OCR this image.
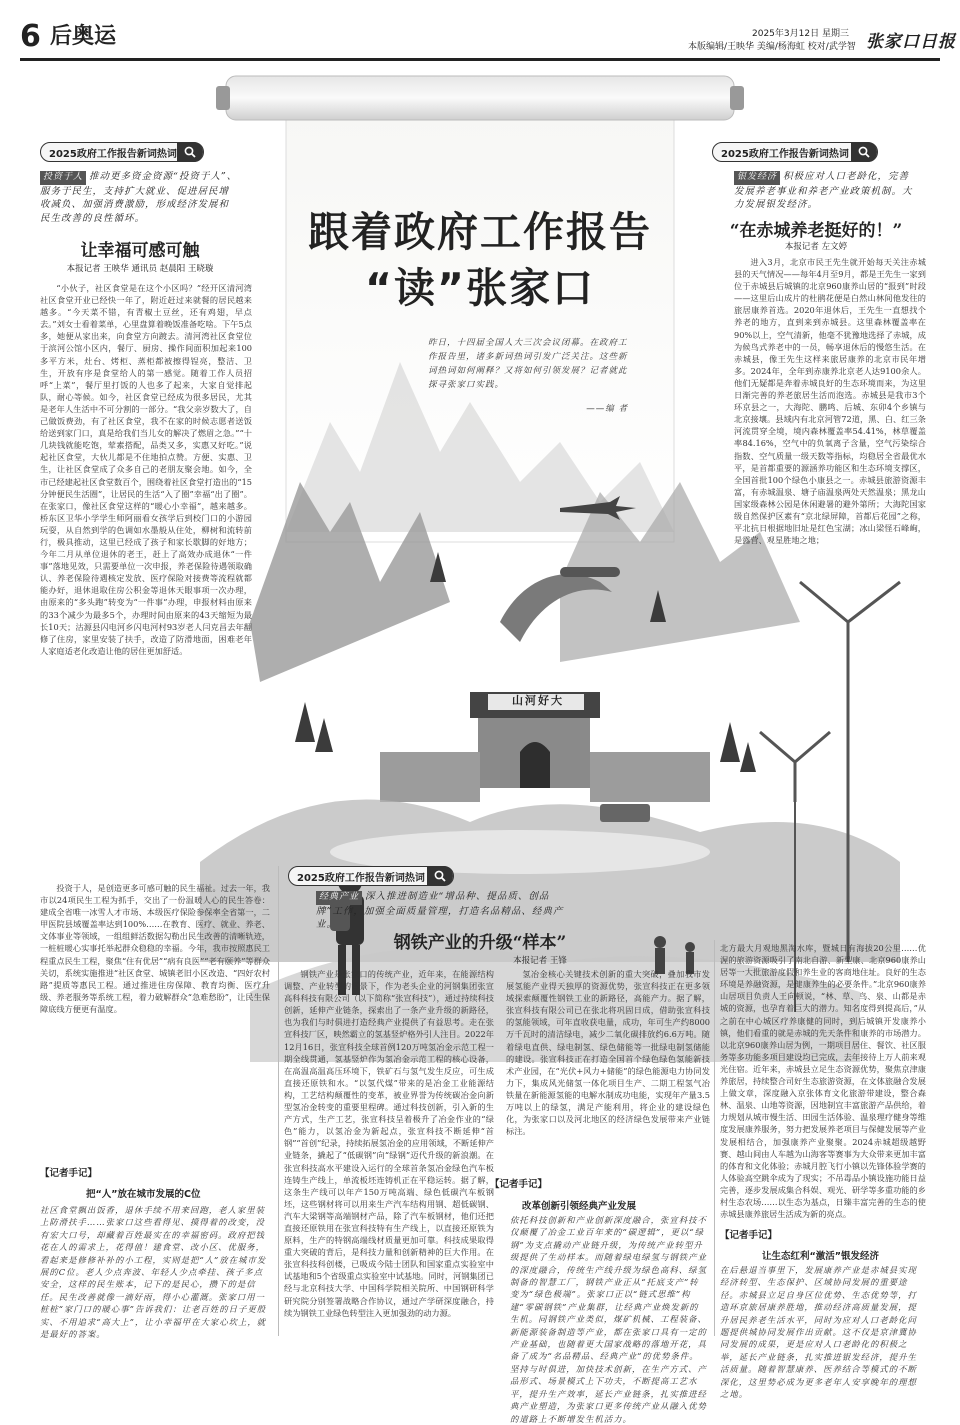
6 后奥运	2025年3月12日 星期三
本版编辑/王映华 美编/杨海虹 校对/武学智 张家口日报
山河好大
跟着政府工作报告
“读”张家口
昨日，十四届全国人大三次会议闭幕。在政府工作报告里，诸多新词热词引发广泛关注。这些新词热词如何阐释？又将如何引领发展？记者就此探寻张家口实践。
——编 者
2025政府工作报告新词热词
投资于人 推动更多资金资源“投资于人”、服务于民生，支持扩大就业、促进居民增收减负、加强消费激励，形成经济发展和民生改善的良性循环。
让幸福可感可触
本报记者 王映华 通讯员 赵晨阳 王晓璇
“小伙子，社区食堂是在这个小区吗？”经开区清河湾社区食堂开业已经快一年了，附近赶过来就餐的居民越来越多。“今天菜不错，有青椒土豆丝，还有鸡翅，早点去。”刘女士看着菜单，心里盘算着晚饭准备吃啥。下午5点多，她便从家出来，向食堂方向踱去。清河湾社区食堂位于滨河公馆小区内，餐厅、厨房、操作间面积加起来100多平方米，灶台、烤柜、蒸柜都被擦得锃亮，整洁、卫生，开放有序是食堂给人的第一感觉。随着工作人员招呼“上菜”，餐厅里打饭的人也多了起来，大家自觉排起队，耐心等候。如今，社区食堂已经成为很多居民，尤其是老年人生活中不可分割的一部分。“我父亲岁数大了，自己做饭费劲，有了社区食堂，我不在家的时候志愿者送饭给送到家门口，真是给我们当儿女的解决了燃眉之急。”“十几块钱就能吃饱，荤素搭配，品类又多，实惠又好吃。”说起社区食堂，大伙儿都是不住地拍点赞。方便、实惠、卫生，让社区食堂成了众多自己的老朋友聚会地。如今，全市已经建起社区食堂数百个，围绕着社区食堂打造出的“15分钟便民生活圈”，让居民的生活“入了圈”幸福“出了圈”。在张家口，像社区食堂这样的“暖心小幸福”，越来越多。桥东区卫华小学学生师阿丽看女孩学后到校门口的小游园玩耍，从自然到学的色调如水墨般从住处，柳树和流转前行，极具推动，这里已经成了孩子和家长歇脚的好地方；今年二月从单位退休的老王，赶上了高效办成退休“一件事”落地见效，只需要单位一次申报，养老保险待遇领取确认、养老保险待遇核定发放、医疗保险对接费等流程就都能办好，退休退取住房公积金等退休天眼事项一次办理，由原来的“多头跑”转变为“一件事”办理，申报材料由原来的33个减少为最多5个，办理时间由原来的43天缩短为最长10天；沽源县闪电河乡闪电河村93岁老人闫克昌去年翻修了住房，家里安装了扶手，改造了防滑地面，困难老年人家庭适老化改造让他的居住更加舒适。
投资于人，是创造更多可感可触的民生福祉。过去一年，我市以24项民生工程为抓手，交出了一份温暖人心的民生答卷：建成全省唯一冰雪人才市场、本级医疗保险参保率全省第一，二甲医院县域覆盖率达到100%……在教育、医疗、就业、养老、文体事业等领域，一组组鲜活数据勾勒出民生改善的清晰轨迹，一桩桩暖心实事托举起群众稳稳的幸福。今年，我市按照惠民工程重点民生工程，聚焦“住有优居”“病有良医”“老有颐养”等群众关切，系统实施推进“社区食堂、城镇老旧小区改造、“四好农村路”提质等惠民工程。通过推进住房保障、教育均衡、医疗升级、养老服务等系统工程，着力破解群众“急难愁盼”，让民生保障底线方便更有温度。
【记者手记】
把“人”放在城市发展的C位
社区食堂飘出饭香，退休手续不用来回跑，老人家里装上防滑扶手……张家口这些看得见、摸得着的改变，没有宏大口号，却藏着百姓最实在的幸福密码。政府把钱花在人的需求上，花得值！建食堂、改小区、优服务，看起来是修修补补的小工程，实则是把“人”放在城市发展的C位。老人少点奔波、年轻人少点牵挂、孩子多点安全，这样的民生账本，记下的是民心，攒下的是信任。民生改善就像一滴好雨，得小心灌溉。张家口用一桩桩“家门口的暖心事”告诉我们：让老百姓的日子更殷实、不用追求“高大上”，让小幸福甲在大家心坎上，就是最好的答案。
2025政府工作报告新词热词
银发经济 积极应对人口老龄化，完善发展养老事业和养老产业政策机制。大力发展银发经济。
“在赤城养老挺好的！”
本报记者 左文婷
进入3月，北京市民王先生就开始每天关注赤城县的天气情况——每年4月至9月，都是王先生一家到位于赤城县后城镇的北京960康养山居的“报到”时段——这里后山成片的杜鹃花便是白然山林间他发往的旅居康养首选。2020年退休后，王先生一直想找个养老的地方，直到来到赤城县。这里森林覆盖率在90%以上，空气清新，他毫不犹豫地选择了赤城，成为候鸟式养老中的一员，畅享退休后的慢悠生活。在赤城县，像王先生这样来旅居康养的北京市民年增多。2024年，全年到赤康养北京老人达9100余人。他们无疑都是奔着赤城良好的生态环境而来，为这里日渐完善的养老旅居生活而泡选。赤城县是我市3个环京县之一，大海陀、鹏鸣、后城、东卯4个乡镇与北京接壤。县域内有北京河管72道，黑、白、红三条河流贯穿全境，境内森林覆盖率54.41%，林草覆盖率84.16%，空气中的负氧离子含量，空气污染综合指数、空气质量一级天数等指标，均稳居全省最优水平，是首都重要的源涵养功能区和生态环境支撑区，全国首批100个绿色小康县之一。赤城县旅游资源丰富，有赤城温泉、塘子庙温泉两处天然温泉；黑龙山国家级森林公园是休闲避暑的避外第所；大海陀国家级自然保护区素有“京北绿屏障，首都后花园”之称，平北抗日根据地旧址是红色宝湖；冰山梁怪石峰峋，是露营、观星胜地之地；
北方最大月观地黑淘水库，暨城日有海拔20公里……优渥的旅游资源吸引了南北自游、新型康、北京960康养山居等一大批旅游度假和养生业的客商地住址。良好的生态环境是养融资源，是健康养生的必要条件。”北京960康养山居项目负责人王向顿说，“林、草、鸟、泉、山都是赤城的资源，也孕育着巨大的潜力。知名度得到提高后，”从之前在中心城区疗养康健的同时，到后城镇开发康养小镇，他们看重的就是赤城的先天条件和康养的市场潜力。以北京960康养山居为例，一期项目居住、餐饮、社区服务等多功能多项目建设均已完成，去年接待上万人前来观光住宿。近年来，赤城县立足生态资源优势，聚焦京津康养旅居，持续整合司好生态旅游资源，在文体旅融合发展上做文章，深度融入京张体育文化旅游带建设，整合森林、温泉、山地等资源，因地制宜丰富旅游产品供给，着力规划从城市慢生活、田园生活体验、温泉理疗健身等维度发展康养服务，努力把发展养老项目与保健发展等产业发展相结合，加强康养产业聚聚。2024赤城超级越野赛、越山间由人车越为山海客等赛事为大众带来更加丰富的体育和文化体验；赤城月腔飞行小镇以先锋体验学赛的人体验高空跳伞成为了现实；不吊毒品小镇设施功能日益完善，逐步发展成集合科娱、观光、研学等多重功能的乡村生态农场……以生态为基点，日臻丰富完善的生态的使赤城县康养旅居生活成为新的亮点。
【记者手记】
让生态红利“激活”银发经济
在后悬退当事里下，发展康养产业是赤城县实现经济转型、生态保护、区域协同发展的重要途径。赤城县立足自身区位优势、生态优势等，打造环京旅居康养胜地，推动经济高质量发展，提升居民养老生活水平，同时为应对人口老龄化问题提供城协同发展作出贡献。这不仅是京津冀协同发展的成果，更是应对人口老龄化的积极之举，延长产业链条，扎实推进银发经济，提升生活质量。随着智慧康养、医养结合等模式的不断深化，这里势必成为更多老年人安享晚年的理想之地。
2025政府工作报告新词热词
经典产业 深入推进制造业“增品种、提品质、创品牌”工作，加强全面质量管理，打造名品精品、经典产业。
钢铁产业的升级“样本”
本报记者 王锋
钢铁产业是张家口的传统产业，近年来，在能源结构调整、产业转型的背景下，作为老头企业的河钢集团张宣高科科技有限公司（以下简称“张宣科技”），通过持续科技创新，延伸产业链条，探索出了一条产业升级的新路径，也为我们与时俱进打造经典产业提供了有益思考。走在张宣科技厂区，映然霸立的氢基竖炉格外引人注目。2022年12月16日，张宣科技全球首例120万吨氢冶金示范工程一期全线贯通，氢基竖炉作为氢冶金示范工程的核心设备，在高温高温高压环境下，铁矿石与氢气发生反应，可生成直接还原铁和水。“以氢代煤”带来的是冶金工业能源结构，工艺结构颠覆性的变革，被业界誉为传统碳冶金向新型氢冶金转变的重要里程碑。通过科技创新，引入新的生产方式，生产工艺，张宣科技呈着极升了冶金作业的“绿色”能力，以氢冶金为新起点，张宣科技不断延伸“首钢”“首创”纪录，持续拓展氢冶金的应用领域，不断延伸产业链条，撬起了“低碳钢”向“绿钢”迈代升级的新浪潮。在张宣科技高水平建设入运行的全球首条氢冶金绿色汽车板连铸生产线上，单流板坯连铸机正在平稳运转。据了解，这条生产线可以年产150万吨高端、绿色低碳汽车板钢坯，这些钢材将可以用来生产汽车结构用钢、超低碳钢、汽车大梁钢等高端钢材产品，除了汽车板钢材，他们还把直接还原铁用在张宣科技特有生产线上，以直接还原铁为原料，生产的特钢高端线材质量更加可靠。科技成果取得重大突破的背后，是科技力量和创新精神的巨大作用。在张宣科技科创楼，已吸成今陆士团队和国家重点实验室中试基地和5个省级重点实验室中试基地。同时，河钢集团已经与北京科技大学、中国科学院相关院所、中国钢研科学研究院分别签署战略合作协议，通过产学研深度融合，持续为钢铁工业绿色转型注入更加强劲的动力源。
氢冶金核心关键技术创新的重大突破，叠加我市发展氢能产业得天独厚的资源优势，张宣科技正在更多领域探索颠覆性钢铁工业的新路径，高能产力。据了解，张宣科技有限公司已在张北将巩固日成，借助张宣科技的氢能领域，可年直收获电量，成功，年可生产约8000万千瓦时的清洁绿电，减少二氧化碳排放约6.6万吨。随着绿电直供、绿电制氢、绿色储能等一批绿电制氢储能的建设。张宣科技正在打造全国首个绿色绿色氢能新技术产业园，在“光伏+风力+储能”的绿色能源电力协同发力下，集成风光储氢一体化项目生产、二期工程氢气冶铁量在新能源氢能的电解水制成功电能，实现年产量3.5万吨以上的绿氢，满足产能利用，将企业的建设绿色化，为张家口以及河北地区的经济绿色发展带来产业链标注。
【记者手记】
改革创新引领经典产业发展
依托科技创新和产业创新深度融合，张宣科技不仅颠覆了冶金工业百年来的“碳逻辑”，更以“绿钢”为支点撬动产业链升级，为传统产业转型升级提供了生动样本。而随着绿电绿氢与钢铁产业的深度融合，传统生产线升级为绿色高科、绿氢制备的智慧工厂，钢铁产业正从“托底支产”转变为“绿色极端”。张家口正以“链式思维”构建“零碳钢铁”产业集群，让经典产业焕发新的生机。同钢铁产业类似，煤矿机械、工程装备、新能源装备制造等产业，都在张家口具有一定的产业基础，也随着更大国家战略的落地开花，具备了成为“名品精品、经典产业”的优势条件。坚持与时俱进，加快技术创新，在生产方式、产品形式、场景模式上下功夫，不断提高工艺水平，提升生产效率，延长产业链条，扎实推进经典产业塑造，为张家口更多传统产业从融入优势的道路上不断增发生机活力。
